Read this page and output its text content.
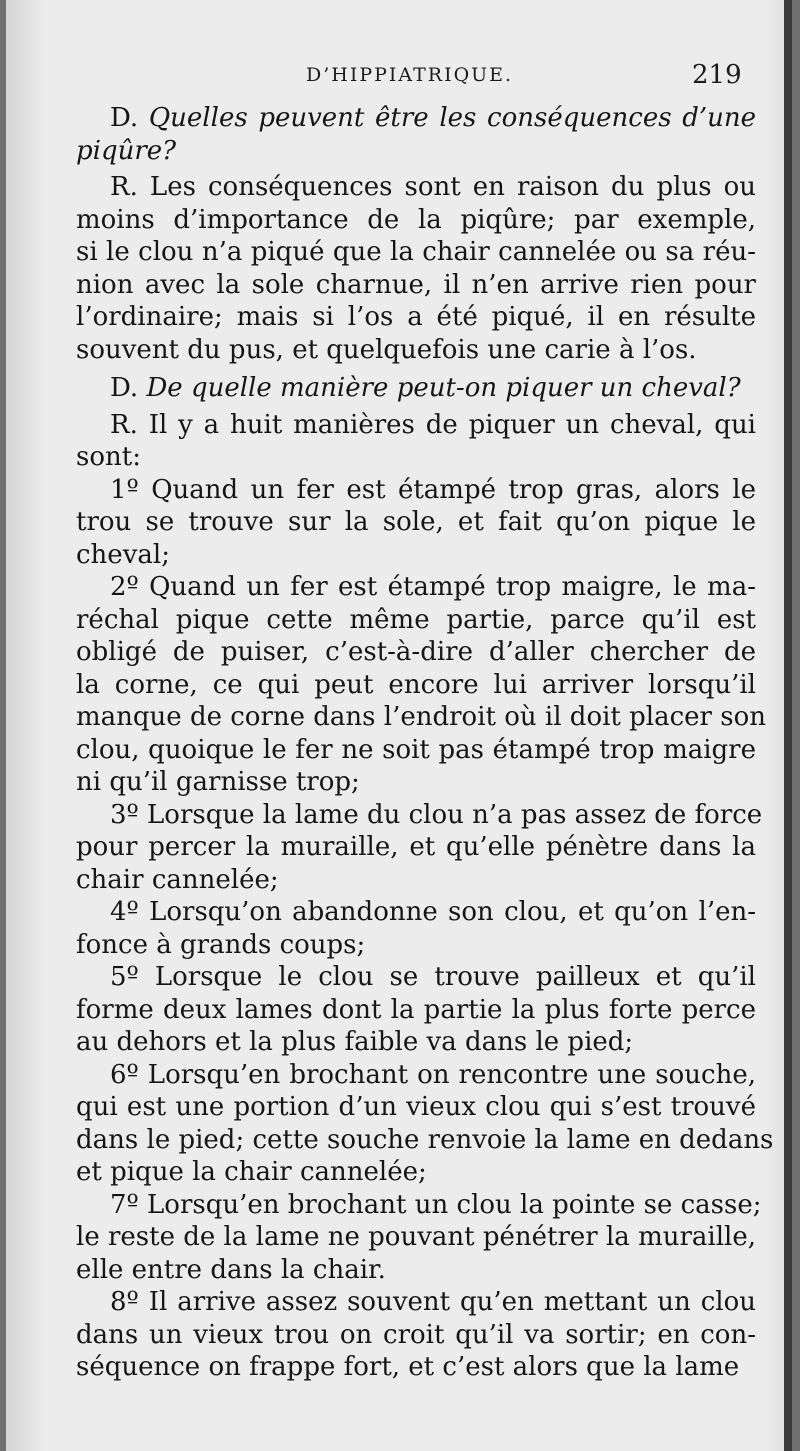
D’HIPPIATRIQUE.	219
D. Quelles peuvent être les conséquences d’une
piqûre?
R. Les conséquences sont en raison du plus ou
moins d’importance de la piqûre; par exemple,
si le clou n’a piqué que la chair cannelée ou sa réu-
nion avec la sole charnue, il n’en arrive rien pour
l’ordinaire; mais si l’os a été piqué, il en résulte
souvent du pus, et quelquefois une carie à l’os.
D. De quelle manière peut-on piquer un cheval?
R. Il y a huit manières de piquer un cheval, qui
sont:
1º Quand un fer est étampé trop gras, alors le
trou se trouve sur la sole, et fait qu’on pique le
cheval;
2º Quand un fer est étampé trop maigre, le ma-
réchal pique cette même partie, parce qu’il est
obligé de puiser, c’est-à-dire d’aller chercher de
la corne, ce qui peut encore lui arriver lorsqu’il
manque de corne dans l’endroit où il doit placer son
clou, quoique le fer ne soit pas étampé trop maigre
ni qu’il garnisse trop;
3º Lorsque la lame du clou n’a pas assez de force
pour percer la muraille, et qu’elle pénètre dans la
chair cannelée;
4º Lorsqu’on abandonne son clou, et qu’on l’en-
fonce à grands coups;
5º Lorsque le clou se trouve pailleux et qu’il
forme deux lames dont la partie la plus forte perce
au dehors et la plus faible va dans le pied;
6º Lorsqu’en brochant on rencontre une souche,
qui est une portion d’un vieux clou qui s’est trouvé
dans le pied; cette souche renvoie la lame en dedans
et pique la chair cannelée;
7º Lorsqu’en brochant un clou la pointe se casse;
le reste de la lame ne pouvant pénétrer la muraille,
elle entre dans la chair.
8º Il arrive assez souvent qu’en mettant un clou
dans un vieux trou on croit qu’il va sortir; en con-
séquence on frappe fort, et c’est alors que la lame
